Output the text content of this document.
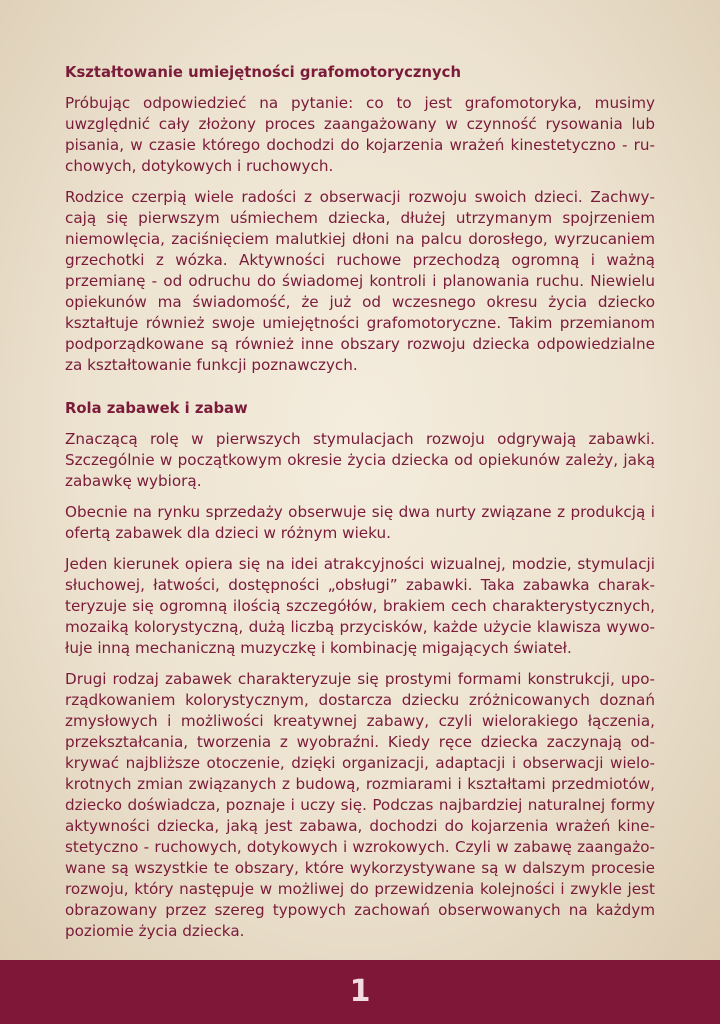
Kształtowanie umiejętności grafomotorycznych

Próbując odpowiedzieć na pytanie: co to jest grafomotoryka, musimy uwzględnić cały złożony proces zaangażowany w czynność rysowania lub pisania, w czasie którego dochodzi do kojarzenia wrażeń kinestetyczno - ruchowych, dotykowych i ruchowych.

Rodzice czerpią wiele radości z obserwacji rozwoju swoich dzieci. Zachwycają się pierwszym uśmiechem dziecka, dłużej utrzymanym spojrzeniem niemowlęcia, zaciśnięciem malutkiej dłoni na palcu dorosłego, wyrzucaniem grzechotki z wózka. Aktywności ruchowe przechodzą ogromną i ważną przemianę - od odruchu do świadomej kontroli i planowania ruchu. Niewielu opiekunów ma świadomość, że już od wczesnego okresu życia dziecko kształtuje również swoje umiejętności grafomotoryczne. Takim przemianom podporządkowane są również inne obszary rozwoju dziecka odpowiedzialne za kształtowanie funkcji poznawczych.

Rola zabawek i zabaw

Znaczącą rolę w pierwszych stymulacjach rozwoju odgrywają zabawki. Szczególnie w początkowym okresie życia dziecka od opiekunów zależy, jaką zabawkę wybiorą.

Obecnie na rynku sprzedaży obserwuje się dwa nurty związane z produkcją i ofertą zabawek dla dzieci w różnym wieku.

Jeden kierunek opiera się na idei atrakcyjności wizualnej, modzie, stymulacji słuchowej, łatwości, dostępności „obsługi” zabawki. Taka zabawka charakteryzuje się ogromną ilością szczegółów, brakiem cech charakterystycznych, mozaiką kolorystyczną, dużą liczbą przycisków, każde użycie klawisza wywołuje inną mechaniczną muzyczkę i kombinację migających świateł.

Drugi rodzaj zabawek charakteryzuje się prostymi formami konstrukcji, uporządkowaniem kolorystycznym, dostarcza dziecku zróżnicowanych doznań zmysłowych i możliwości kreatywnej zabawy, czyli wielorakiego łączenia, przekształcania, tworzenia z wyobraźni. Kiedy ręce dziecka zaczynają odkrywać najbliższe otoczenie, dzięki organizacji, adaptacji i obserwacji wielokrotnych zmian związanych z budową, rozmiarami i kształtami przedmiotów, dziecko doświadcza, poznaje i uczy się. Podczas najbardziej naturalnej formy aktywności dziecka, jaką jest zabawa, dochodzi do kojarzenia wrażeń kinestetyczno - ruchowych, dotykowych i wzrokowych. Czyli w zabawę zaangażowane są wszystkie te obszary, które wykorzystywane są w dalszym procesie rozwoju, który następuje w możliwej do przewidzenia kolejności i zwykle jest obrazowany przez szereg typowych zachowań obserwowanych na każdym poziomie życia dziecka.

1
